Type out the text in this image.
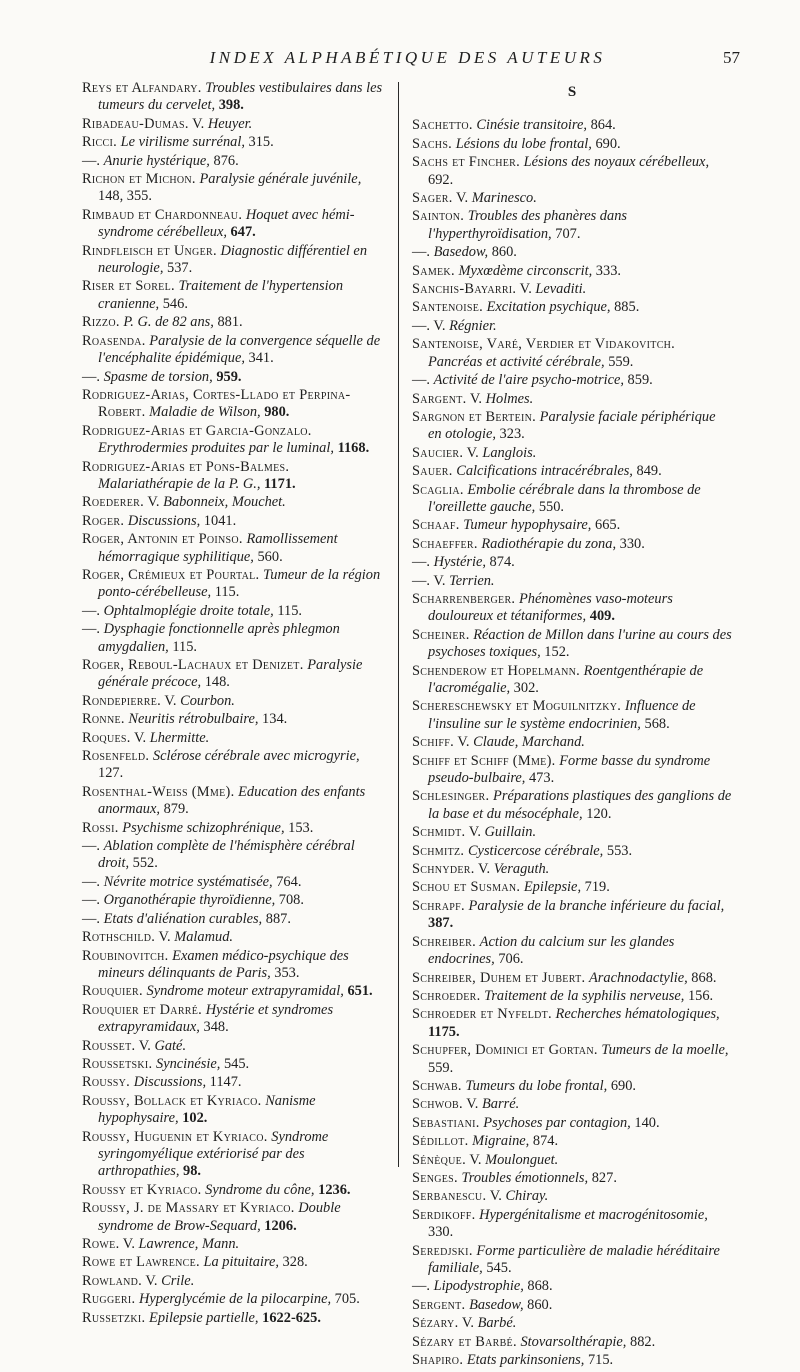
INDEX ALPHABÉTIQUE DES AUTEURS	57
Reys et Alfandary. Troubles vestibulaires dans les tumeurs du cervelet, 398.
Ribadeau-Dumas. V. Heuyer.
Ricci. Le virilisme surrénal, 315.
—. Anurie hystérique, 876.
Richon et Michon. Paralysie générale juvénile, 148, 355.
Rimbaud et Chardonneau. Hoquet avec hémi-syndrome cérébelleux, 647.
Rindfleisch et Unger. Diagnostic différentiel en neurologie, 537.
Riser et Sorel. Traitement de l'hypertension cranienne, 546.
Rizzo. P. G. de 82 ans, 881.
Roasenda. Paralysie de la convergence séquelle de l'encéphalite épidémique, 341.
—. Spasme de torsion, 959.
Rodriguez-Arias, Cortes-Llado et Perpina-Robert. Maladie de Wilson, 980.
Rodriguez-Arias et Garcia-Gonzalo. Erythrodermies produites par le luminal, 1168.
Rodriguez-Arias et Pons-Balmes. Malariathérapie de la P. G., 1171.
Roederer. V. Babonneix, Mouchet.
Roger. Discussions, 1041.
Roger, Antonin et Poinso. Ramollissement hémorragique syphilitique, 560.
Roger, Crémieux et Pourtal. Tumeur de la région ponto-cérébelleuse, 115.
—. Ophtalmoplégie droite totale, 115.
—. Dysphagie fonctionnelle après phlegmon amygdalien, 115.
Roger, Reboul-Lachaux et Denizet. Paralysie générale précoce, 148.
Rondepierre. V. Courbon.
Ronne. Neuritis rétrobulbaire, 134.
Roques. V. Lhermitte.
Rosenfeld. Sclérose cérébrale avec microgyrie, 127.
Rosenthal-Weiss (Mme). Education des enfants anormaux, 879.
Rossi. Psychisme schizophrénique, 153.
—. Ablation complète de l'hémisphère cérébral droit, 552.
—. Névrite motrice systématisée, 764.
—. Organothérapie thyroïdienne, 708.
—. Etats d'aliénation curables, 887.
Rothschild. V. Malamud.
Roubinovitch. Examen médico-psychique des mineurs délinquants de Paris, 353.
Rouquier. Syndrome moteur extrapyramidal, 651.
Rouquier et Darré. Hystérie et syndromes extrapyramidaux, 348.
Rousset. V. Gaté.
Roussetski. Syncinésie, 545.
Roussy. Discussions, 1147.
Roussy, Bollack et Kyriaco. Nanisme hypophysaire, 102.
Roussy, Huguenin et Kyriaco. Syndrome syringomyélique extériorisé par des arthropathies, 98.
Roussy et Kyriaco. Syndrome du cône, 1236.
Roussy, J. de Massary et Kyriaco. Double syndrome de Brow-Sequard, 1206.
Rowe. V. Lawrence, Mann.
Rowe et Lawrence. La pituitaire, 328.
Rowland. V. Crile.
Ruggeri. Hyperglycémie de la pilocarpine, 705.
Russetzki. Epilepsie partielle, 1622-625.
S
Sachetto. Cinésie transitoire, 864.
Sachs. Lésions du lobe frontal, 690.
Sachs et Fincher. Lésions des noyaux cérébelleux, 692.
Sager. V. Marinesco.
Sainton. Troubles des phanères dans l'hyperthyroïdisation, 707.
—. Basedow, 860.
Samek. Myxœdème circonscrit, 333.
Sanchis-Bayarri. V. Levaditi.
Santenoise. Excitation psychique, 885.
—. V. Régnier.
Santenoise, Varé, Verdier et Vidakovitch. Pancréas et activité cérébrale, 559.
—. Activité de l'aire psycho-motrice, 859.
Sargent. V. Holmes.
Sargnon et Bertein. Paralysie faciale périphérique en otologie, 323.
Saucier. V. Langlois.
Sauer. Calcifications intracérébrales, 849.
Scaglia. Embolie cérébrale dans la thrombose de l'oreillette gauche, 550.
Schaaf. Tumeur hypophysaire, 665.
Schaeffer. Radiothérapie du zona, 330.
—. Hystérie, 874.
—. V. Terrien.
Scharrenberger. Phénomènes vaso-moteurs douloureux et tétaniformes, 409.
Scheiner. Réaction de Millon dans l'urine au cours des psychoses toxiques, 152.
Schenderow et Hopelmann. Roentgenthérapie de l'acromégalie, 302.
Schereschewsky et Moguilnitzky. Influence de l'insuline sur le système endocrinien, 568.
Schiff. V. Claude, Marchand.
Schiff et Schiff (Mme). Forme basse du syndrome pseudo-bulbaire, 473.
Schlesinger. Préparations plastiques des ganglions de la base et du mésocéphale, 120.
Schmidt. V. Guillain.
Schmitz. Cysticercose cérébrale, 553.
Schnyder. V. Veraguth.
Schou et Susman. Epilepsie, 719.
Schrapf. Paralysie de la branche inférieure du facial, 387.
Schreiber. Action du calcium sur les glandes endocrines, 706.
Schreiber, Duhem et Jubert. Arachnodactylie, 868.
Schroeder. Traitement de la syphilis nerveuse, 156.
Schroeder et Nyfeldt. Recherches hématologiques, 1175.
Schupfer, Dominici et Gortan. Tumeurs de la moelle, 559.
Schwab. Tumeurs du lobe frontal, 690.
Schwob. V. Barré.
Sebastiani. Psychoses par contagion, 140.
Sédillot. Migraine, 874.
Sénèque. V. Moulonguet.
Senges. Troubles émotionnels, 827.
Serbanescu. V. Chiray.
Serdikoff. Hypergénitalisme et macrogénitosomie, 330.
Seredjski. Forme particulière de maladie héréditaire familiale, 545.
—. Lipodystrophie, 868.
Sergent. Basedow, 860.
Sézary. V. Barbé.
Sézary et Barbé. Stovarsolthérapie, 882.
Shapiro. Etats parkinsoniens, 715.
